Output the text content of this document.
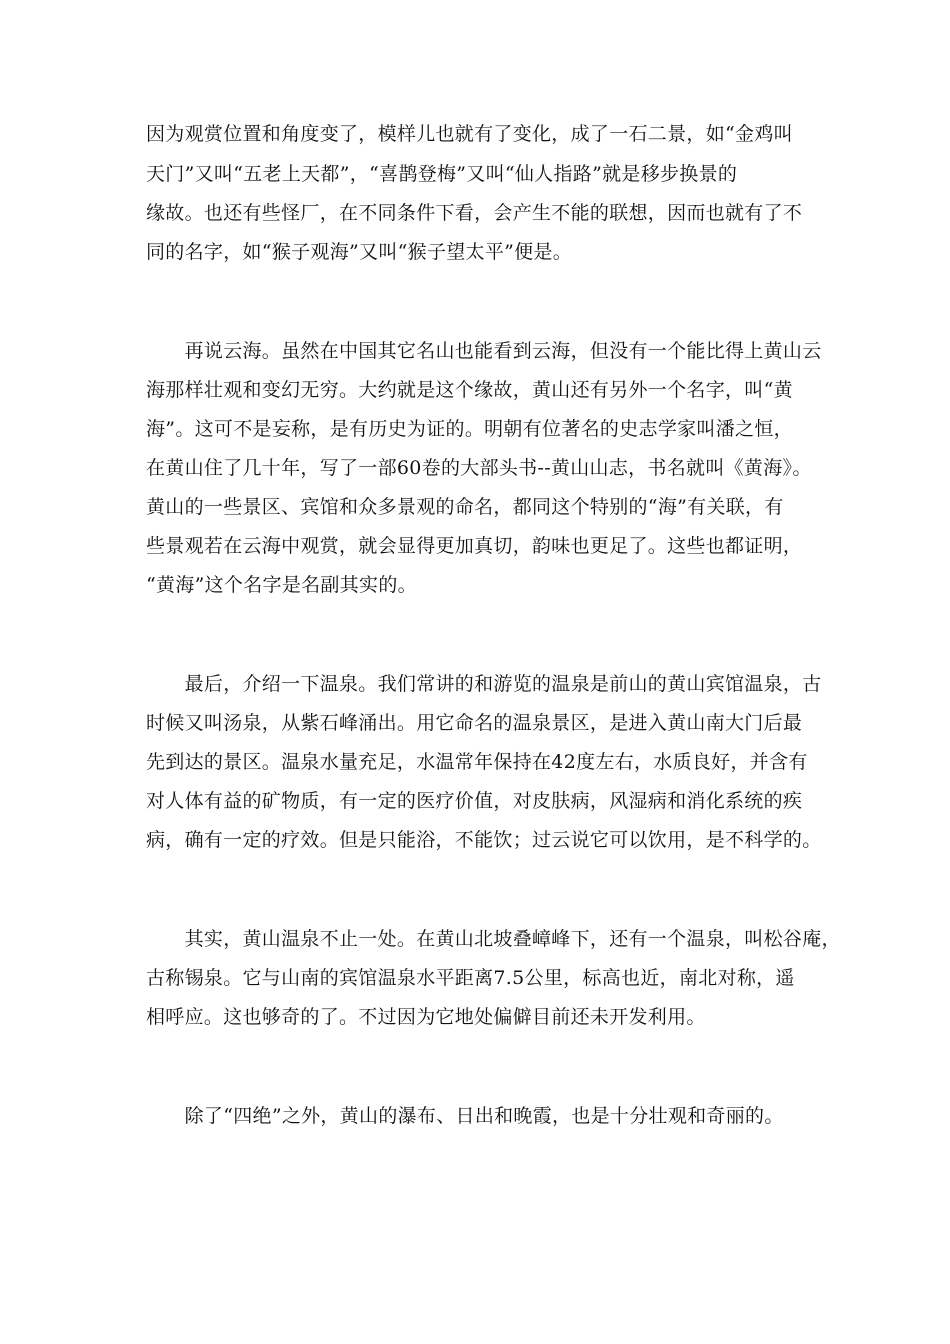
因为观赏位置和角度变了，模样儿也就有了变化，成了一石二景，如“金鸡叫
天门”又叫“五老上天都”，“喜鹊登梅”又叫“仙人指路”就是移步换景的
缘故。也还有些怪厂，在不同条件下看，会产生不能的联想，因而也就有了不
同的名字，如“猴子观海”又叫“猴子望太平”便是。
　　再说云海。虽然在中国其它名山也能看到云海，但没有一个能比得上黄山云
海那样壮观和变幻无穷。大约就是这个缘故，黄山还有另外一个名字，叫“黄
海”。这可不是妄称，是有历史为证的。明朝有位著名的史志学家叫潘之恒，
在黄山住了几十年，写了一部60卷的大部头书--黄山山志，书名就叫《黄海》。
黄山的一些景区、宾馆和众多景观的命名，都同这个特别的“海”有关联，有
些景观若在云海中观赏，就会显得更加真切，韵味也更足了。这些也都证明，
“黄海”这个名字是名副其实的。
　　最后，介绍一下温泉。我们常讲的和游览的温泉是前山的黄山宾馆温泉，古
时候又叫汤泉，从紫石峰涌出。用它命名的温泉景区，是进入黄山南大门后最
先到达的景区。温泉水量充足，水温常年保持在42度左右，水质良好，并含有
对人体有益的矿物质，有一定的医疗价值，对皮肤病，风湿病和消化系统的疾
病，确有一定的疗效。但是只能浴，不能饮；过云说它可以饮用，是不科学的。
　　其实，黄山温泉不止一处。在黄山北坡叠嶂峰下，还有一个温泉，叫松谷庵，
古称锡泉。它与山南的宾馆温泉水平距离7.5公里，标高也近，南北对称，遥
相呼应。这也够奇的了。不过因为它地处偏僻目前还未开发利用。
　　除了“四绝”之外，黄山的瀑布、日出和晚霞，也是十分壮观和奇丽的。
